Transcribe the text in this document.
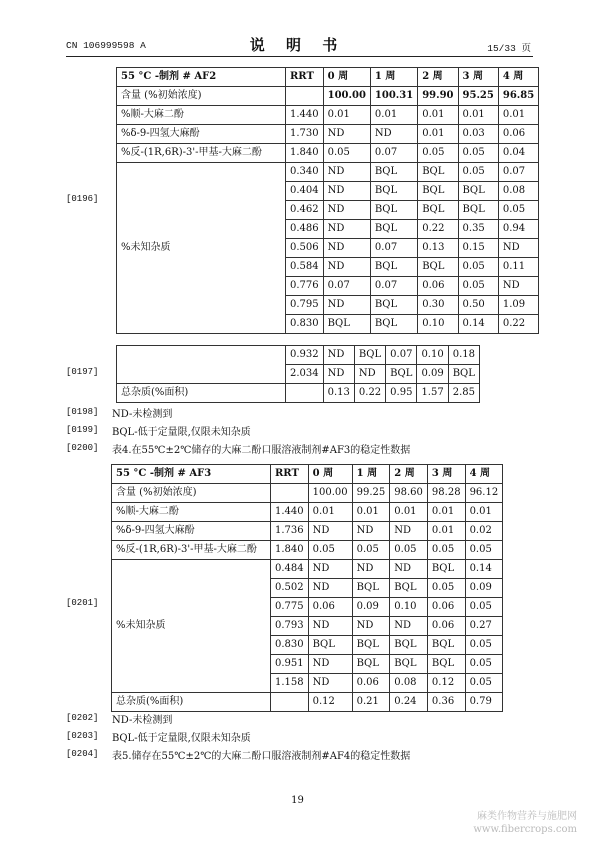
CN 106999598 A	说 明 书	15/33 页
55 °C -制剂 # AF2	RRT	0 周	1 周	2 周	3 周	4 周
含量 (%初始浓度)		100.00	100.31	99.90	95.25	96.85
%顺-大麻二酚	1.440	0.01	0.01	0.01	0.01	0.01
%δ-9-四氢大麻酚	1.730	ND	ND	0.01	0.03	0.06
%反-(1R,6R)-3'-甲基-大麻二酚	1.840	0.05	0.07	0.05	0.05	0.04
%未知杂质	0.340	ND	BQL	BQL	0.05	0.07
	0.404	ND	BQL	BQL	BQL	0.08
	0.462	ND	BQL	BQL	BQL	0.05
	0.486	ND	BQL	0.22	0.35	0.94
	0.506	ND	0.07	0.13	0.15	ND
	0.584	ND	BQL	BQL	0.05	0.11
	0.776	0.07	0.07	0.06	0.05	ND
	0.795	ND	BQL	0.30	0.50	1.09
	0.830	BQL	BQL	0.10	0.14	0.22
[0196]
	0.932	ND	BQL	0.07	0.10	0.18
	2.034	ND	ND	BQL	0.09	BQL
总杂质(%面积)		0.13	0.22	0.95	1.57	2.85
[0197]
[0198] ND-未检测到
[0199] BQL-低于定量限,仅限未知杂质
[0200] 表4.在55℃±2℃储存的大麻二酚口服溶液制剂#AF3的稳定性数据
55 °C -制剂 # AF3	RRT	0 周	1 周	2 周	3 周	4 周
含量 (%初始浓度)		100.00	99.25	98.60	98.28	96.12
%顺-大麻二酚	1.440	0.01	0.01	0.01	0.01	0.01
%δ-9-四氢大麻酚	1.736	ND	ND	ND	0.01	0.02
%反-(1R,6R)-3'-甲基-大麻二酚	1.840	0.05	0.05	0.05	0.05	0.05
%未知杂质	0.484	ND	ND	ND	BQL	0.14
	0.502	ND	BQL	BQL	0.05	0.09
	0.775	0.06	0.09	0.10	0.06	0.05
	0.793	ND	ND	ND	0.06	0.27
	0.830	BQL	BQL	BQL	BQL	0.05
	0.951	ND	BQL	BQL	BQL	0.05
	1.158	ND	0.06	0.08	0.12	0.05
总杂质(%面积)		0.12	0.21	0.24	0.36	0.79
[0201]
[0202] ND-未检测到
[0203] BQL-低于定量限,仅限未知杂质
[0204] 表5.储存在55℃±2℃的大麻二酚口服溶液制剂#AF4的稳定性数据
19
麻类作物营养与施肥网
www.fibercrops.com
